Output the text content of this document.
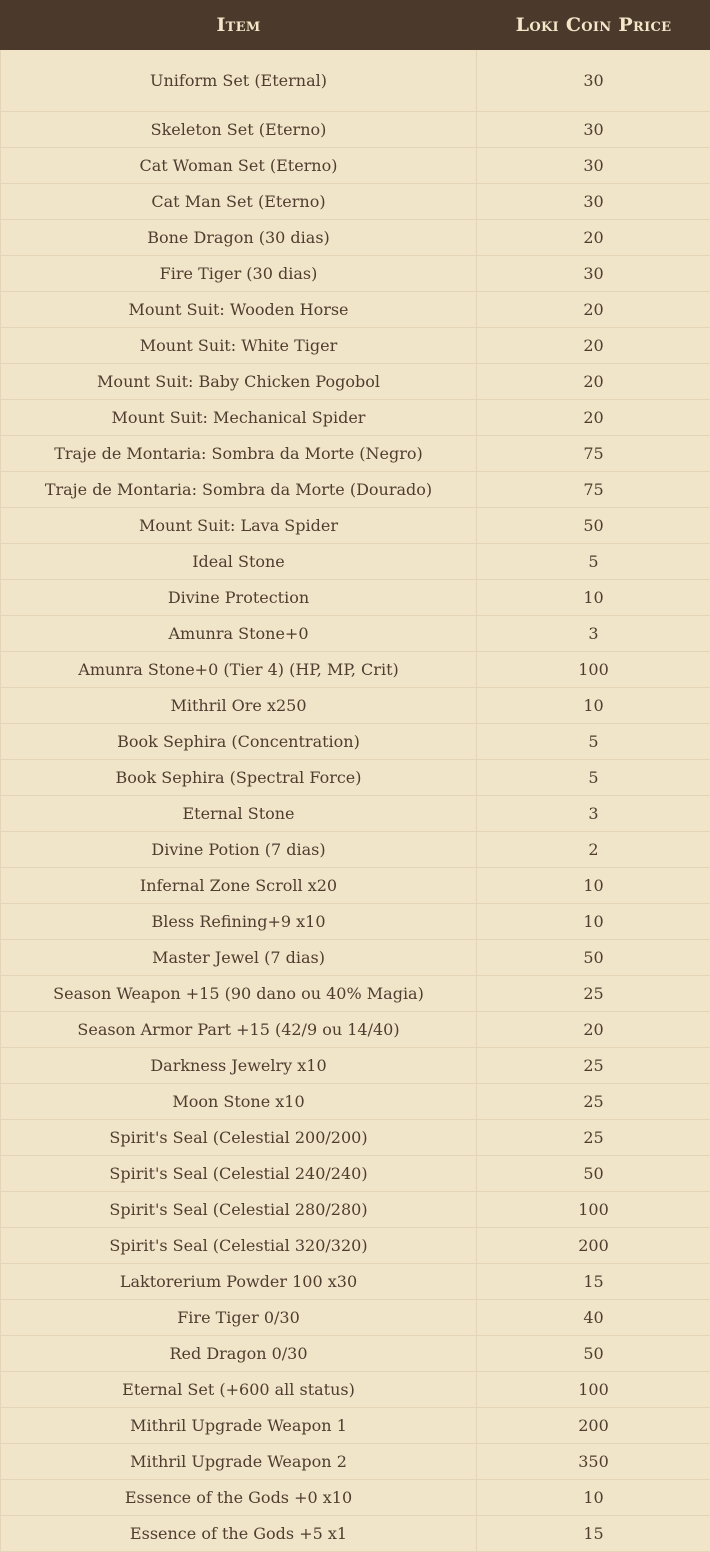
Item	Loki Coin Price
Uniform Set (Eternal)	30
Skeleton Set (Eterno)	30
Cat Woman Set (Eterno)	30
Cat Man Set (Eterno)	30
Bone Dragon (30 dias)	20
Fire Tiger (30 dias)	30
Mount Suit: Wooden Horse	20
Mount Suit: White Tiger	20
Mount Suit: Baby Chicken Pogobol	20
Mount Suit: Mechanical Spider	20
Traje de Montaria: Sombra da Morte (Negro)	75
Traje de Montaria: Sombra da Morte (Dourado)	75
Mount Suit: Lava Spider	50
Ideal Stone	5
Divine Protection	10
Amunra Stone+0	3
Amunra Stone+0 (Tier 4) (HP, MP, Crit)	100
Mithril Ore x250	10
Book Sephira (Concentration)	5
Book Sephira (Spectral Force)	5
Eternal Stone	3
Divine Potion (7 dias)	2
Infernal Zone Scroll x20	10
Bless Refining+9 x10	10
Master Jewel (7 dias)	50
Season Weapon +15 (90 dano ou 40% Magia)	25
Season Armor Part +15 (42/9 ou 14/40)	20
Darkness Jewelry x10	25
Moon Stone x10	25
Spirit's Seal (Celestial 200/200)	25
Spirit's Seal (Celestial 240/240)	50
Spirit's Seal (Celestial 280/280)	100
Spirit's Seal (Celestial 320/320)	200
Laktorerium Powder 100 x30	15
Fire Tiger 0/30	40
Red Dragon 0/30	50
Eternal Set (+600 all status)	100
Mithril Upgrade Weapon 1	200
Mithril Upgrade Weapon 2	350
Essence of the Gods +0 x10	10
Essence of the Gods +5 x1	15
